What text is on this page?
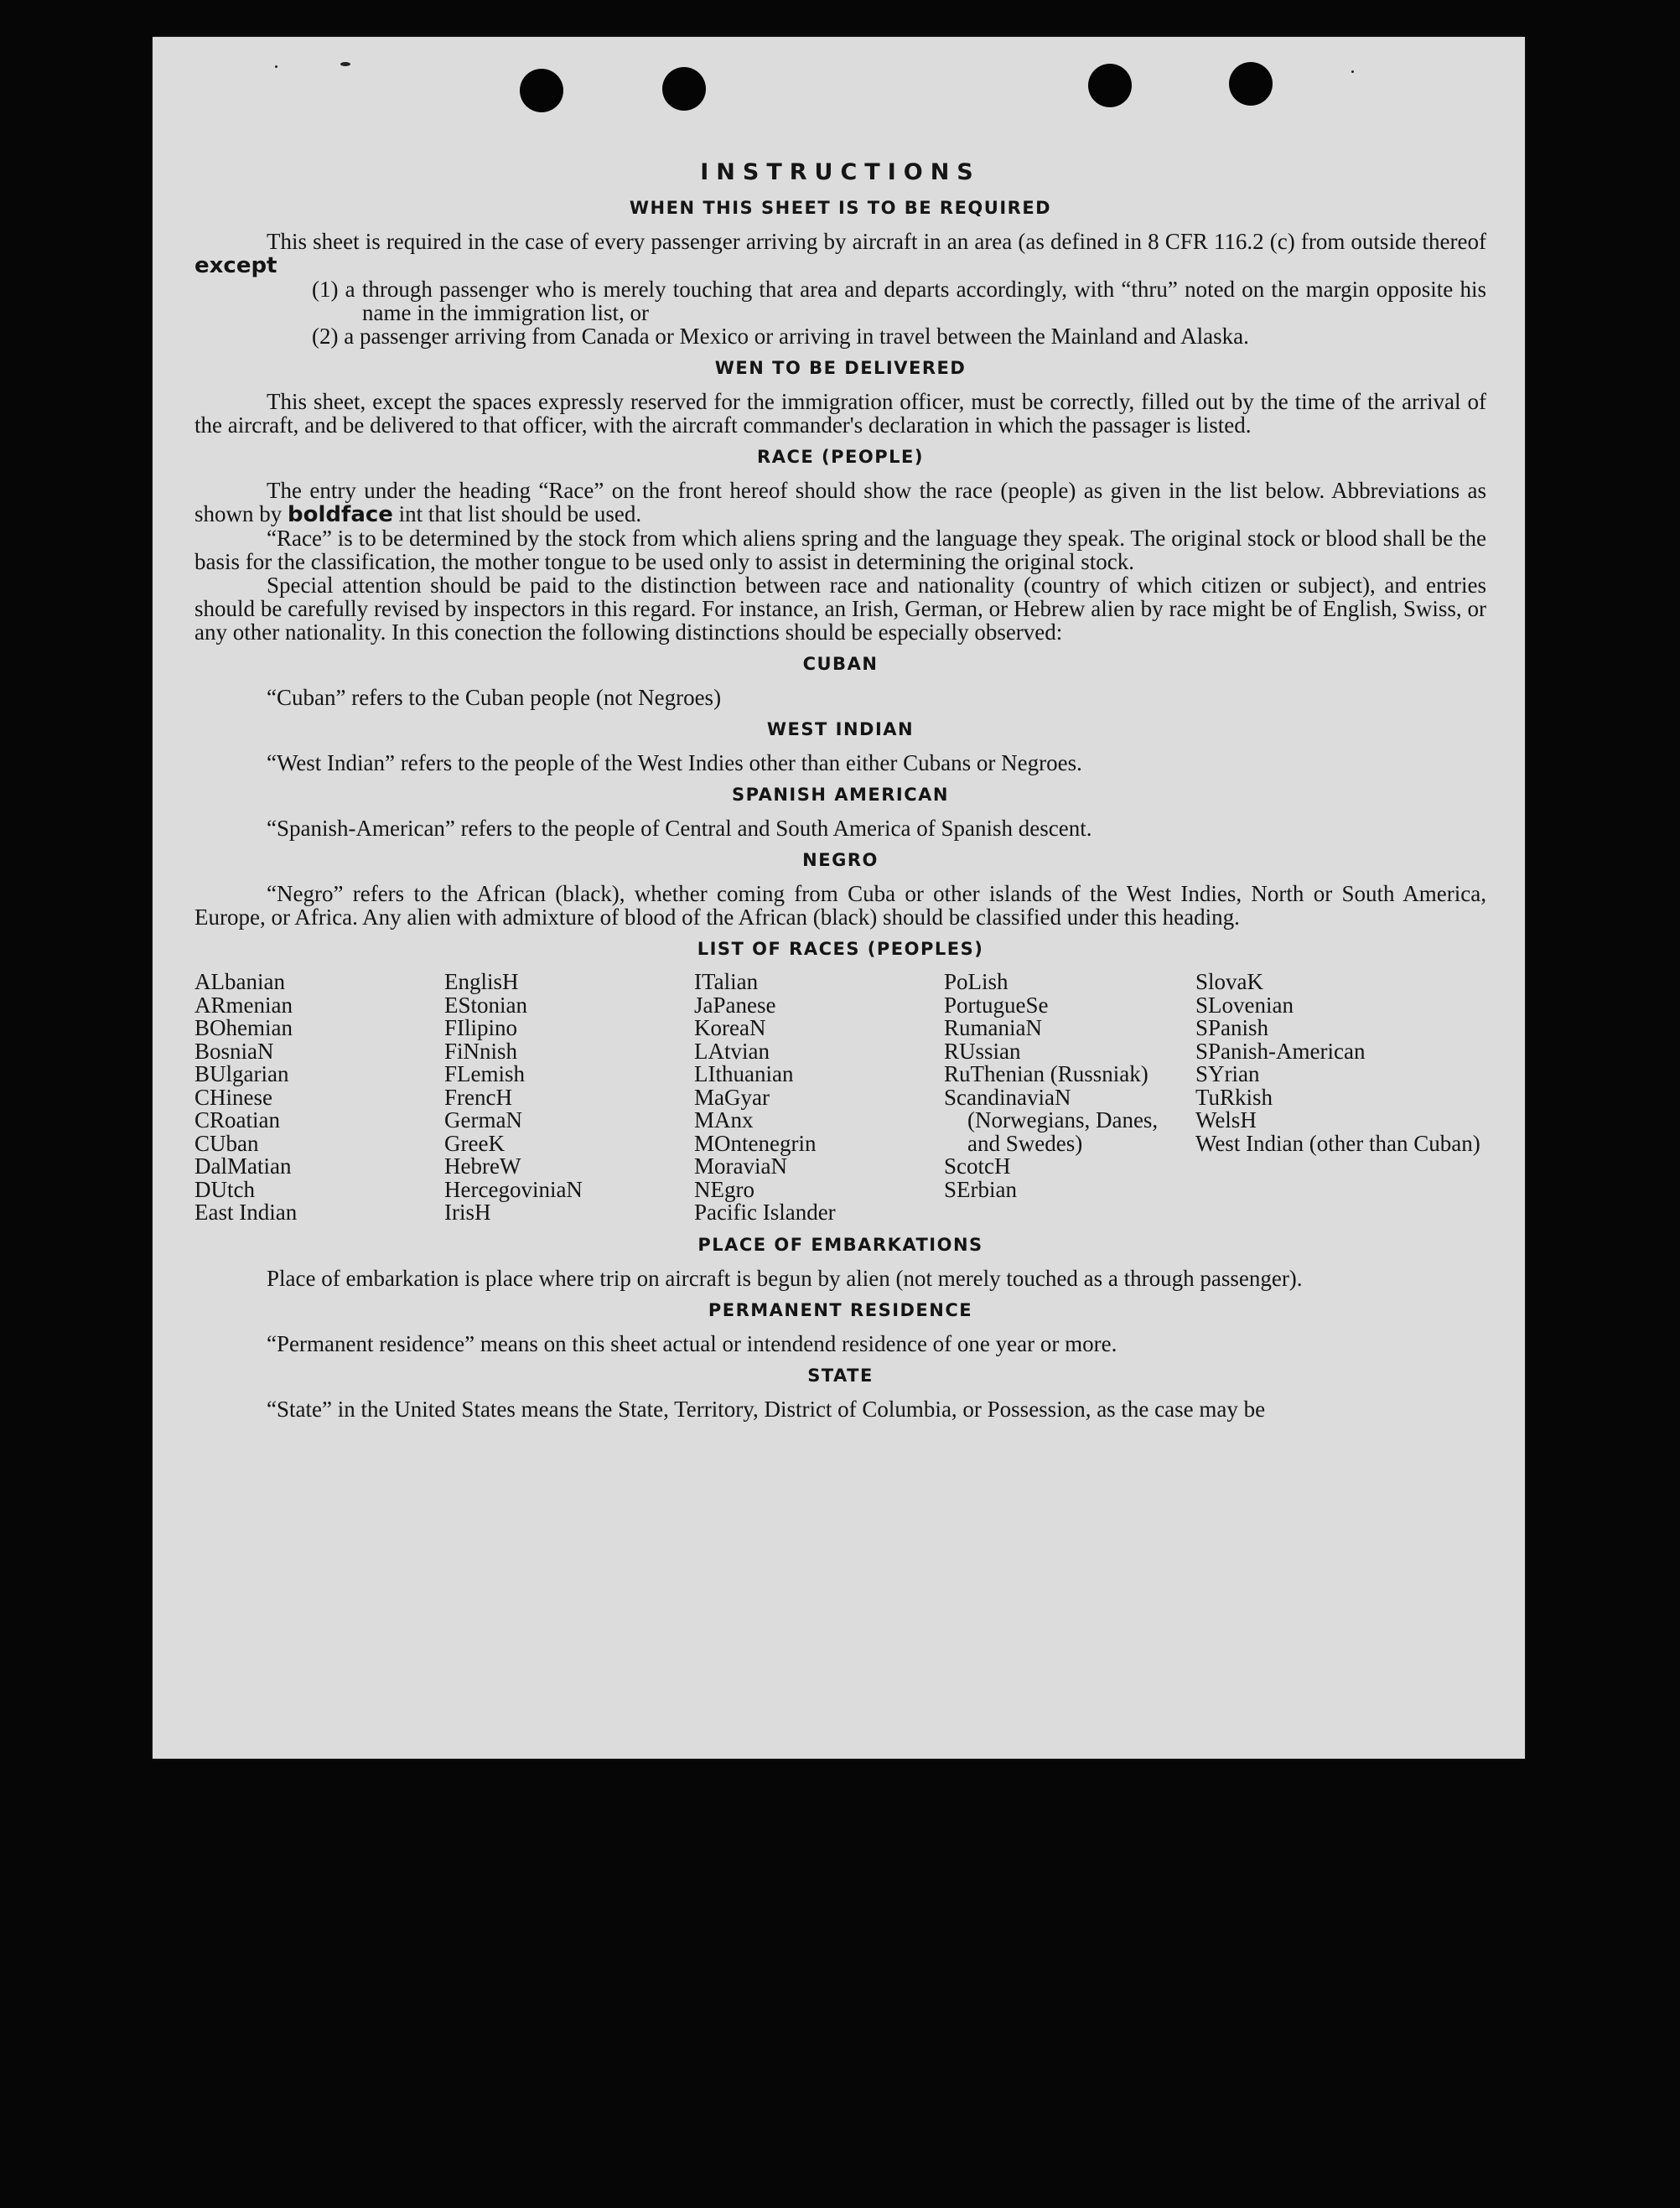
INSTRUCTIONS
WHEN THIS SHEET IS TO BE REQUIRED

This sheet is required in the case of every passenger arriving by aircraft in an area (as defined in 8 CFR 116.2 (c) from outside thereof except

(1) a through passenger who is merely touching that area and departs accordingly, with “thru” noted on the margin opposite his name in the immigration list, or

(2) a passenger arriving from Canada or Mexico or arriving in travel between the Mainland and Alaska.

WEN TO BE DELIVERED

This sheet, except the spaces expressly reserved for the immigration officer, must be correctly, filled out by the time of the arrival of the aircraft, and be delivered to that officer, with the aircraft commander's declaration in which the passager is listed.

RACE (PEOPLE)

The entry under the heading “Race” on the front hereof should show the race (people) as given in the list below. Abbreviations as shown by boldface int that list should be used.

“Race” is to be determined by the stock from which aliens spring and the language they speak. The original stock or blood shall be the basis for the classification, the mother tongue to be used only to assist in determining the original stock.

Special attention should be paid to the distinction between race and nationality (country of which citizen or subject), and entries should be carefully revised by inspectors in this regard. For instance, an Irish, German, or Hebrew alien by race might be of English, Swiss, or any other nationality. In this conection the following distinctions should be especially observed:

CUBAN

“Cuban” refers to the Cuban people (not Negroes)

WEST INDIAN

“West Indian” refers to the people of the West Indies other than either Cubans or Negroes.

SPANISH AMERICAN

“Spanish-American” refers to the people of Central and South America of Spanish descent.

NEGRO

“Negro” refers to the African (black), whether coming from Cuba or other islands of the West Indies, North or South America, Europe, or Africa. Any alien with admixture of blood of the African (black) should be classified under this heading.

LIST OF RACES (PEOPLES)
ALbanian
ARmenian
BOhemian
BosniaN
BUlgarian
CHinese
CRoatian
CUban
DalMatian
DUtch
East Indian
EnglisH
EStonian
FIlipino
FiNnish
FLemish
FrencH
GermaN
GreeK
HebreW
HercegoviniaN
IrisH
ITalian
JaPanese
KoreaN
LAtvian
LIthuanian
MaGyar
MAnx
MOntenegrin
MoraviaN
NEgro
Pacific Islander
PoLish
PortugueSe
RumaniaN
RUssian
RuThenian (Russniak)
ScandinaviaN (Norwegians, Danes, and Swedes)
ScotcH
SErbian
SlovaK
SLovenian
SPanish
SPanish-American
SYrian
TuRkish
WelsH
West Indian (other than Cuban)
PLACE OF EMBARKATIONS

Place of embarkation is place where trip on aircraft is begun by alien (not merely touched as a through passenger).

PERMANENT RESIDENCE

“Permanent residence” means on this sheet actual or intendend residence of one year or more.

STATE

“State” in the United States means the State, Territory, District of Columbia, or Possession, as the case may be
